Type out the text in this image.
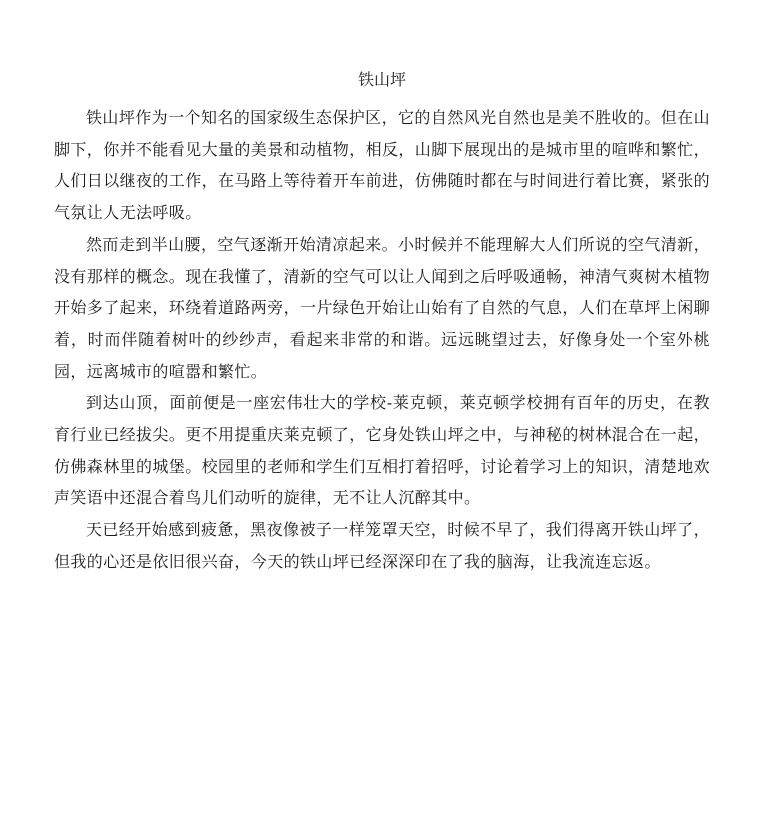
铁山坪

铁山坪作为一个知名的国家级生态保护区，它的自然风光自然也是美不胜收的。但在山脚下，你并不能看见大量的美景和动植物，相反，山脚下展现出的是城市里的喧哗和繁忙，人们日以继夜的工作，在马路上等待着开车前进，仿佛随时都在与时间进行着比赛，紧张的气氛让人无法呼吸。

然而走到半山腰，空气逐渐开始清凉起来。小时候并不能理解大人们所说的空气清新，没有那样的概念。现在我懂了，清新的空气可以让人闻到之后呼吸通畅，神清气爽树木植物开始多了起来，环绕着道路两旁，一片绿色开始让山始有了自然的气息，人们在草坪上闲聊着，时而伴随着树叶的纱纱声，看起来非常的和谐。远远眺望过去，好像身处一个室外桃园，远离城市的喧嚣和繁忙。

到达山顶，面前便是一座宏伟壮大的学校-莱克顿，莱克顿学校拥有百年的历史，在教育行业已经拔尖。更不用提重庆莱克顿了，它身处铁山坪之中，与神秘的树林混合在一起，仿佛森林里的城堡。校园里的老师和学生们互相打着招呼，讨论着学习上的知识，清楚地欢声笑语中还混合着鸟儿们动听的旋律，无不让人沉醉其中。

天已经开始感到疲惫，黑夜像被子一样笼罩天空，时候不早了，我们得离开铁山坪了，但我的心还是依旧很兴奋，今天的铁山坪已经深深印在了我的脑海，让我流连忘返。
